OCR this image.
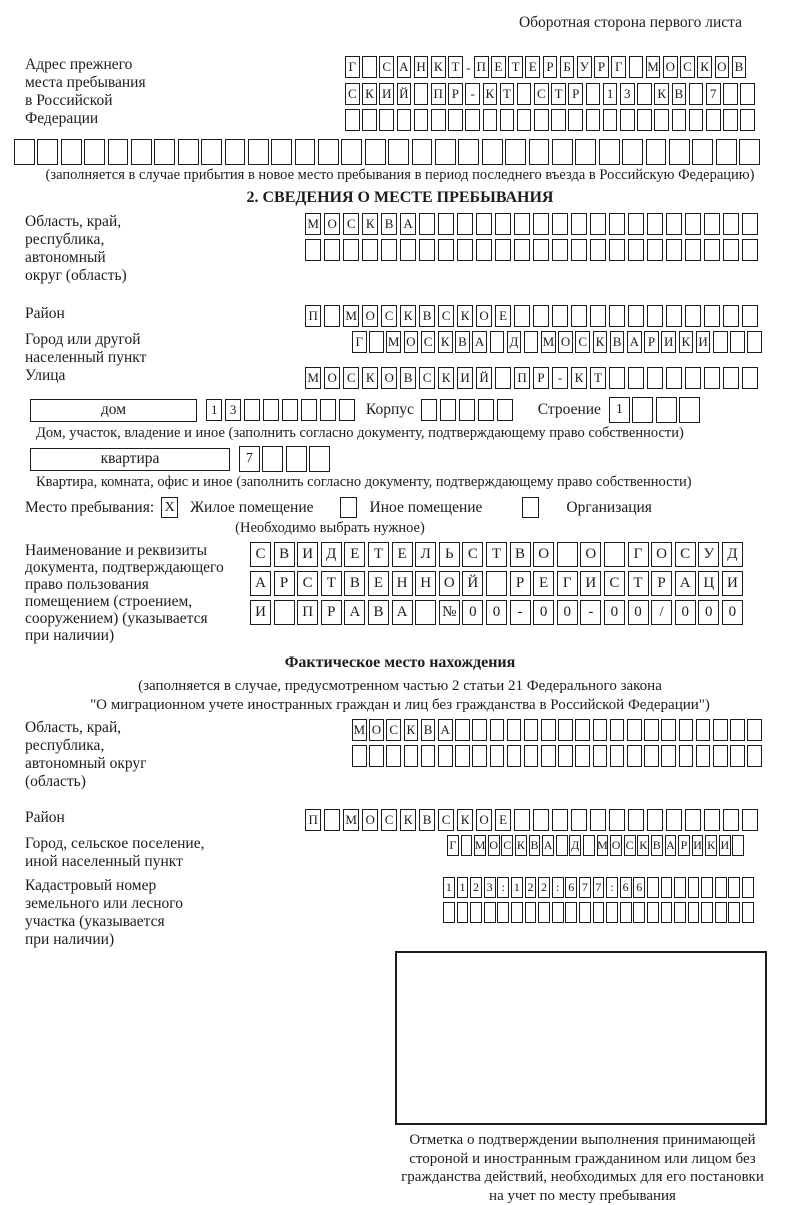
Оборотная сторона первого листа
Адрес прежнего
места пребывания
в Российской
Федерации
Г С А Н К Т - П Е Т Е Р Б У Р Г М О С К О В
С К И Й П Р - К Т С Т Р	1 3	К В	7
(заполняется в случае прибытия в новое место пребывания в период последнего въезда в Российскую Федерацию)
2. СВЕДЕНИЯ О МЕСТЕ ПРЕБЫВАНИЯ
Область, край,
республика,
автономный
округ (область)
М О С К В А
Район	П М О С К В С К О Е
Город или другой
населенный пункт
Г М О С К В А Д М О С К В А Р И К И
Улица	М О С К О В С К И Й П Р	- К Т
дом	1 3	Корпус	Строение	1
Дом, участок, владение и иное (заполнить согласно документу, подтверждающему право собственности)
квартира	7
Квартира, комната, офис и иное (заполнить согласно документу, подтверждающему право собственности)
Место пребывания: X Жилое помещение	Иное помещение	Организация
(Необходимо выбрать нужное)
Наименование и реквизиты
документа, подтверждающего
право пользования
помещением (строением,
сооружением) (указывается
при наличии)
С В И Д Е Т Е Л Ь С Т В О	О	Г О С У Д
А Р С Т В Е Н Н О Й	Р Е Г И С Т Р А Ц И
И	П Р А В А	№ 0	0	-	0	0	-	0	0	/	0	0	0
Фактическое место нахождения
(заполняется в случае, предусмотренном частью 2 статьи 21 Федерального закона
"О миграционном учете иностранных граждан и лиц без гражданства в Российской Федерации")
Область, край,
республика,
автономный округ
(область)
М О С К В А
Район	П М О С К В С К О Е
Город, сельское поселение,
иной населенный пункт
Г М О С К В А Д М О С К В А Р И К И
Кадастровый номер
земельного или лесного
участка (указывается
при наличии)
1 1 2 3 : 1 2 2 : 6 7 7 : 6 6
Отметка о подтверждении выполнения принимающей
стороной и иностранным гражданином или лицом без
гражданства действий, необходимых для его постановки
на учет по месту пребывания
